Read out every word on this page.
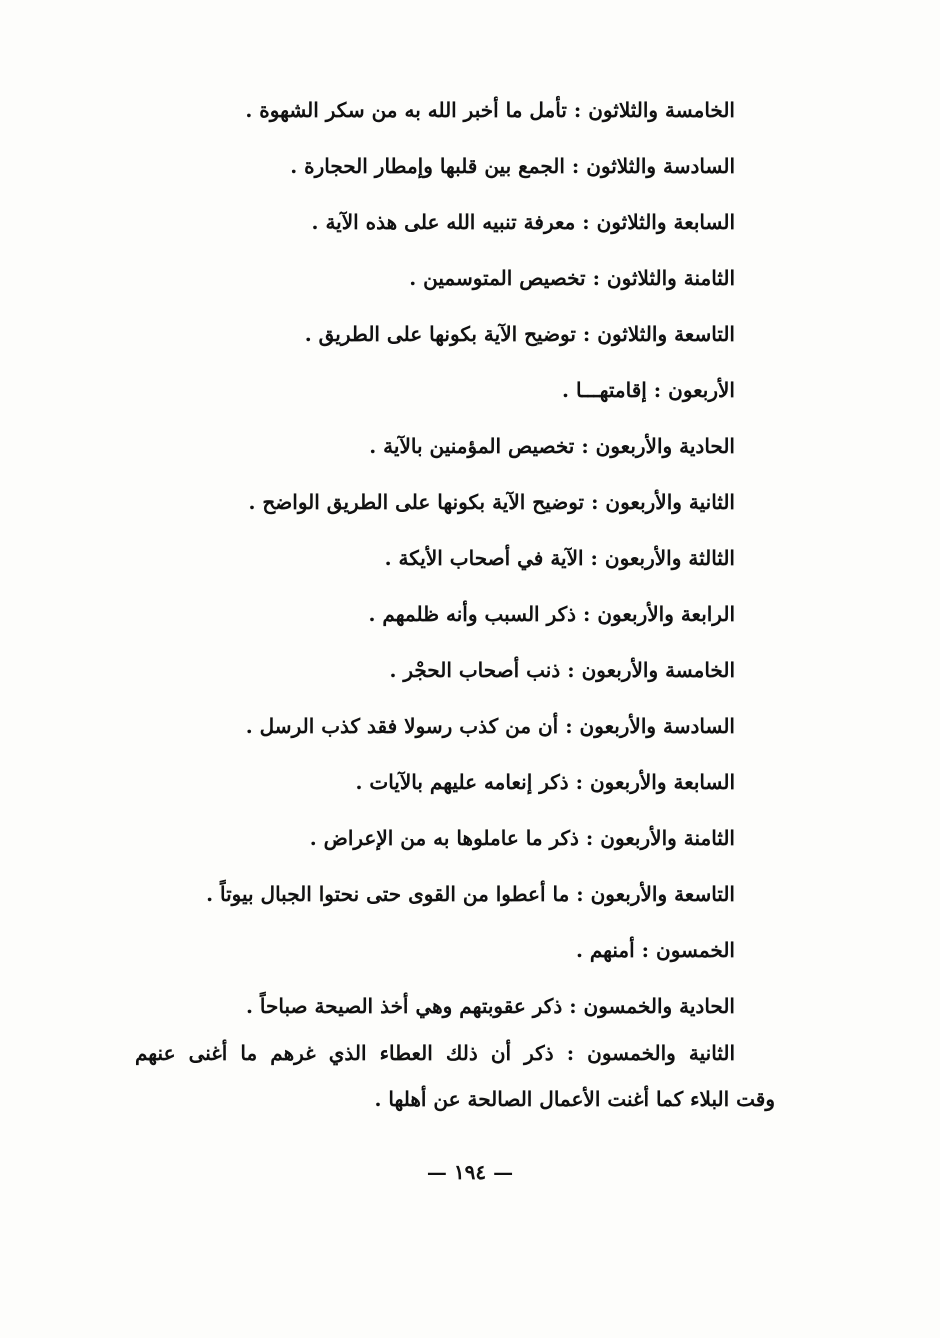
الخامسة والثلاثون : تأمل ما أخبر الله به من سكر الشهوة .
السادسة والثلاثون : الجمع بين قلبها وإمطار الحجارة .
السابعة والثلاثون : معرفة تنبيه الله على هذه الآية .
الثامنة والثلاثون : تخصيص المتوسمين .
التاسعة والثلاثون : توضيح الآية بكونها على الطريق .
الأربعون : إقامتهـــا .
الحادية والأربعون : تخصيص المؤمنين بالآية .
الثانية والأربعون : توضيح الآية بكونها على الطريق الواضح .
الثالثة والأربعون : الآية في أصحاب الأيكة .
الرابعة والأربعون : ذكر السبب وأنه ظلمهم .
الخامسة والأربعون : ذنب أصحاب الحجْر .
السادسة والأربعون : أن من كذب رسولا فقد كذب الرسل .
السابعة والأربعون : ذكر إنعامه عليهم بالآيات .
الثامنة والأربعون : ذكر ما عاملوها به من الإعراض .
التاسعة والأربعون : ما أعطوا من القوى حتى نحتوا الجبال بيوتاً .
الخمسون : أمنهم .
الحادية والخمسون : ذكر عقوبتهم وهي أخذ الصيحة صباحاً .
الثانية والخمسون : ذكر أن ذلك العطاء الذي غرهم ما أغنى عنهم
وقت البلاء كما أغنت الأعمال الصالحة عن أهلها .
— ١٩٤ —
